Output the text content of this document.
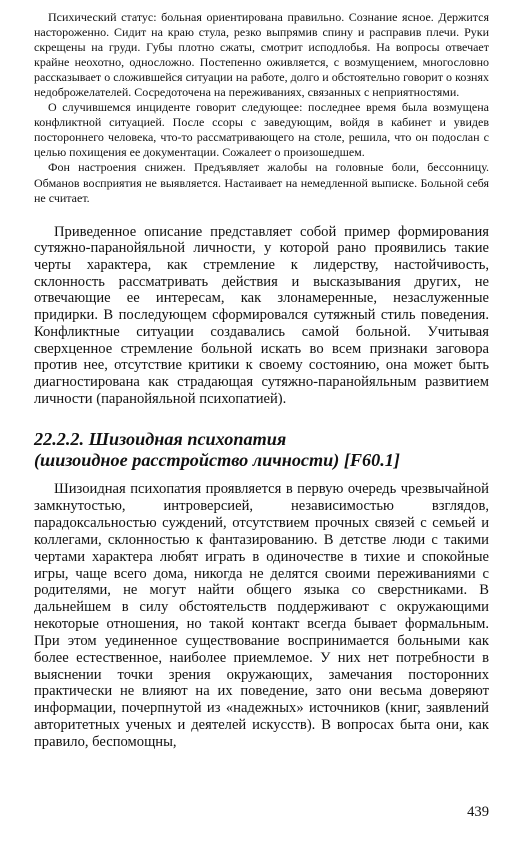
Психический статус: больная ориентирована правильно. Сознание ясное. Держится настороженно. Сидит на краю стула, резко выпрямив спину и расправив плечи. Руки скрещены на груди. Губы плотно сжаты, смотрит исподлобья. На вопросы отвечает крайне неохотно, односложно. Постепенно оживляется, с возмущением, многословно рассказывает о сложившейся ситуации на работе, долго и обстоятельно говорит о кознях недоброжелателей. Сосредоточена на переживаниях, связанных с неприятностями.

О случившемся инциденте говорит следующее: последнее время была возмущена конфликтной ситуацией. После ссоры с заведующим, войдя в кабинет и увидев постороннего человека, что-то рассматривающего на столе, решила, что он подослан с целью похищения ее документации. Сожалеет о произошедшем.

Фон настроения снижен. Предъявляет жалобы на головные боли, бессонницу. Обманов восприятия не выявляется. Настаивает на немедленной выписке. Больной себя не считает.

Приведенное описание представляет собой пример формирования сутяжно-паранойяльной личности, у которой рано проявились такие черты характера, как стремление к лидерству, настойчивость, склонность рассматривать действия и высказывания других, не отвечающие ее интересам, как злонамеренные, незаслуженные придирки. В последующем сформировался сутяжный стиль поведения. Конфликтные ситуации создавались самой больной. Учитывая сверхценное стремление больной искать во всем признаки заговора против нее, отсутствие критики к своему состоянию, она может быть диагностирована как страдающая сутяжно-паранойяльным развитием личности (паранойяльной психопатией).

22.2.2. Шизоидная психопатия
(шизоидное расстройство личности) [F60.1]

Шизоидная психопатия проявляется в первую очередь чрезвычайной замкнутостью, интроверсией, независимостью взглядов, парадоксальностью суждений, отсутствием прочных связей с семьей и коллегами, склонностью к фантазированию. В детстве люди с такими чертами характера любят играть в одиночестве в тихие и спокойные игры, чаще всего дома, никогда не делятся своими переживаниями с родителями, не могут найти общего языка со сверстниками. В дальнейшем в силу обстоятельств поддерживают с окружающими некоторые отношения, но такой контакт всегда бывает формальным. При этом уединенное существование воспринимается больными как более естественное, наиболее приемлемое. У них нет потребности в выяснении точки зрения окружающих, замечания посторонних практически не влияют на их поведение, зато они весьма доверяют информации, почерпнутой из «надежных» источников (книг, заявлений авторитетных ученых и деятелей искусств). В вопросах быта они, как правило, беспомощны,

439
